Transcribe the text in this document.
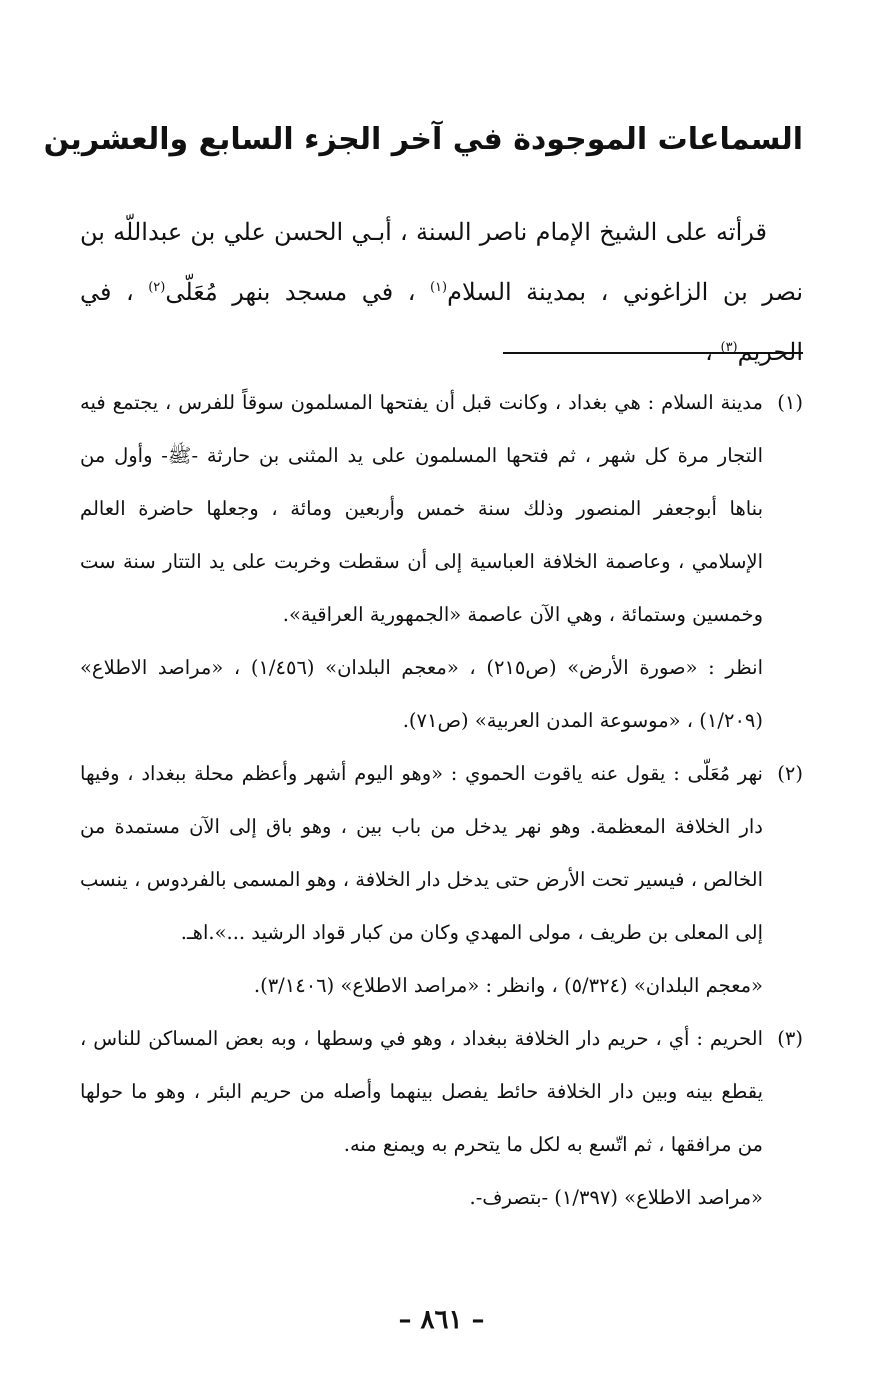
السماعات الموجودة في آخر الجزء السابع والعشرين

قرأته على الشيخ الإمام ناصر السنة ، أبـي الحسن علي بن عبداللّه بن نصر بن الزاغوني ، بمدينة السلام$^{(١)}$ ، في مسجد بنهر مُعَلّى$^{(٢)}$ ، في الحريم$^{(٣)}$ ،

(١)مدينة السلام : هي بغداد ، وكانت قبل أن يفتحها المسلمون سوقاً للفرس ، يجتمع فيه التجار مرة كل شهر ، ثم فتحها المسلمون على يد المثنى بن حارثة -ﷺ- وأول من بناها أبوجعفر المنصور وذلك سنة خمس وأربعين ومائة ، وجعلها حاضرة العالم الإسلامي ، وعاصمة الخلافة العباسية إلى أن سقطت وخربت على يد التتار سنة ست وخمسين وستمائة ، وهي الآن عاصمة «الجمهورية العراقية».

انظر : «صورة الأرض» (ص٢١٥) ، «معجم البلدان» (١/٤٥٦) ، «مراصد الاطلاع» (١/٢٠٩) ، «موسوعة المدن العربية» (ص٧١).

(٢)نهر مُعَلّى : يقول عنه ياقوت الحموي : «وهو اليوم أشهر وأعظم محلة ببغداد ، وفيها دار الخلافة المعظمة. وهو نهر يدخل من باب بين ، وهو باق إلى الآن مستمدة من الخالص ، فيسير تحت الأرض حتى يدخل دار الخلافة ، وهو المسمى بالفردوس ، ينسب إلى المعلى بن طريف ، مولى المهدي وكان من كبار قواد الرشيد ...».اهـ.

«معجم البلدان» (٥/٣٢٤) ، وانظر : «مراصد الاطلاع» (٣/١٤٠٦).

(٣)الحريم : أي ، حريم دار الخلافة ببغداد ، وهو في وسطها ، وبه بعض المساكن للناس ، يقطع بينه وبين دار الخلافة حائط يفصل بينهما وأصله من حريم البئر ، وهو ما حولها من مرافقها ، ثم اتّسع به لكل ما يتحرم به ويمنع منه.

«مراصد الاطلاع» (١/٣٩٧) -بتصرف-.

– ٨٦١ –
